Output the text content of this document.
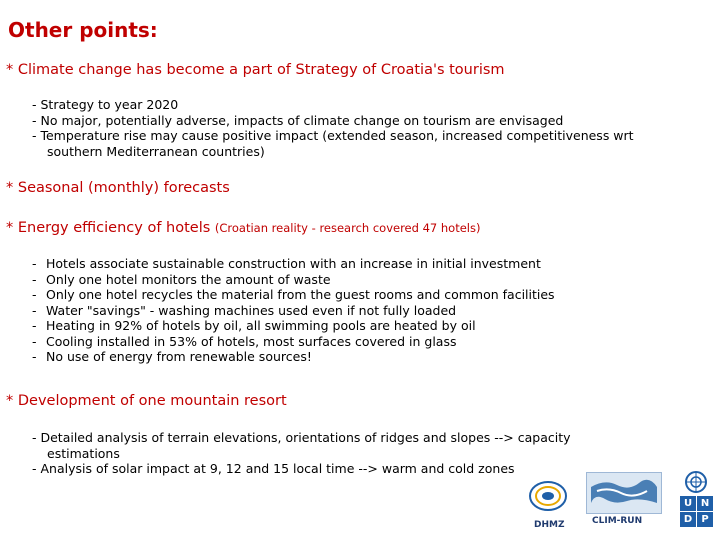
Other points:
* Climate change has become a part of Strategy of Croatia's tourism
- Strategy to year 2020
- No major, potentially adverse, impacts of climate change on tourism are envisaged
- Temperature rise may cause positive impact (extended season, increased competitiveness wrt
southern Mediterranean countries)
* Seasonal (monthly) forecasts
* Energy efficiency of hotels (Croatian reality - research covered 47 hotels)
- Hotels associate sustainable construction with an increase in initial investment
- Only one hotel monitors the amount of waste
- Only one hotel recycles the material from the guest rooms and common facilities
- Water "savings" - washing machines used even if not fully loaded
- Heating in 92% of hotels by oil, all swimming pools are heated by oil
- Cooling installed in 53% of hotels, most surfaces covered in glass
- No use of energy from renewable sources!
* Development of one mountain resort
- Detailed analysis of terrain elevations, orientations of ridges and slopes --> capacity
estimations
- Analysis of solar impact at 9, 12 and 15 local time --> warm and cold zones
DHMZ	CLIM-RUN
U N
D P
